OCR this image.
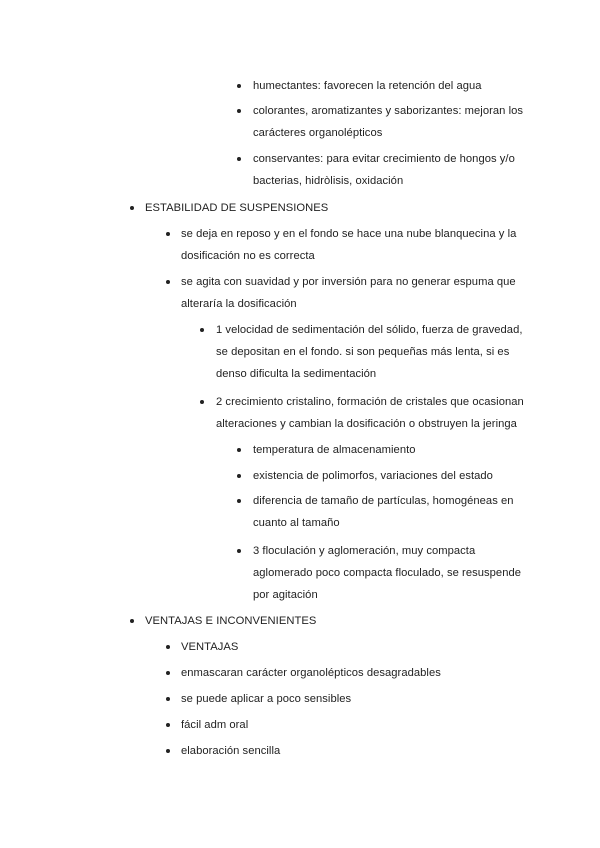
humectantes: favorecen la retención del agua
colorantes, aromatizantes y saborizantes: mejoran los
carácteres organolépticos
conservantes: para evitar crecimiento de hongos y/o
bacterias, hidròlisis, oxidación
ESTABILIDAD DE SUSPENSIONES
se deja en reposo y en el fondo se hace una nube blanquecina y la
dosificación no es correcta
se agita con suavidad y por inversión para no generar espuma que
alteraría la dosificación
1 velocidad de sedimentación del sólido, fuerza de gravedad,
se depositan en el fondo. si son pequeñas más lenta, si es
denso dificulta la sedimentación
2 crecimiento cristalino, formación de cristales que ocasionan
alteraciones y cambian la dosificación o obstruyen la jeringa
temperatura de almacenamiento
existencia de polimorfos, variaciones del estado
diferencia de tamaño de partículas, homogéneas en
cuanto al tamaño
3 floculación y aglomeración, muy compacta
aglomerado poco compacta floculado, se resuspende
por agitación
VENTAJAS E INCONVENIENTES
VENTAJAS
enmascaran carácter organolépticos desagradables
se puede aplicar a poco sensibles
fácil adm oral
elaboración sencilla
